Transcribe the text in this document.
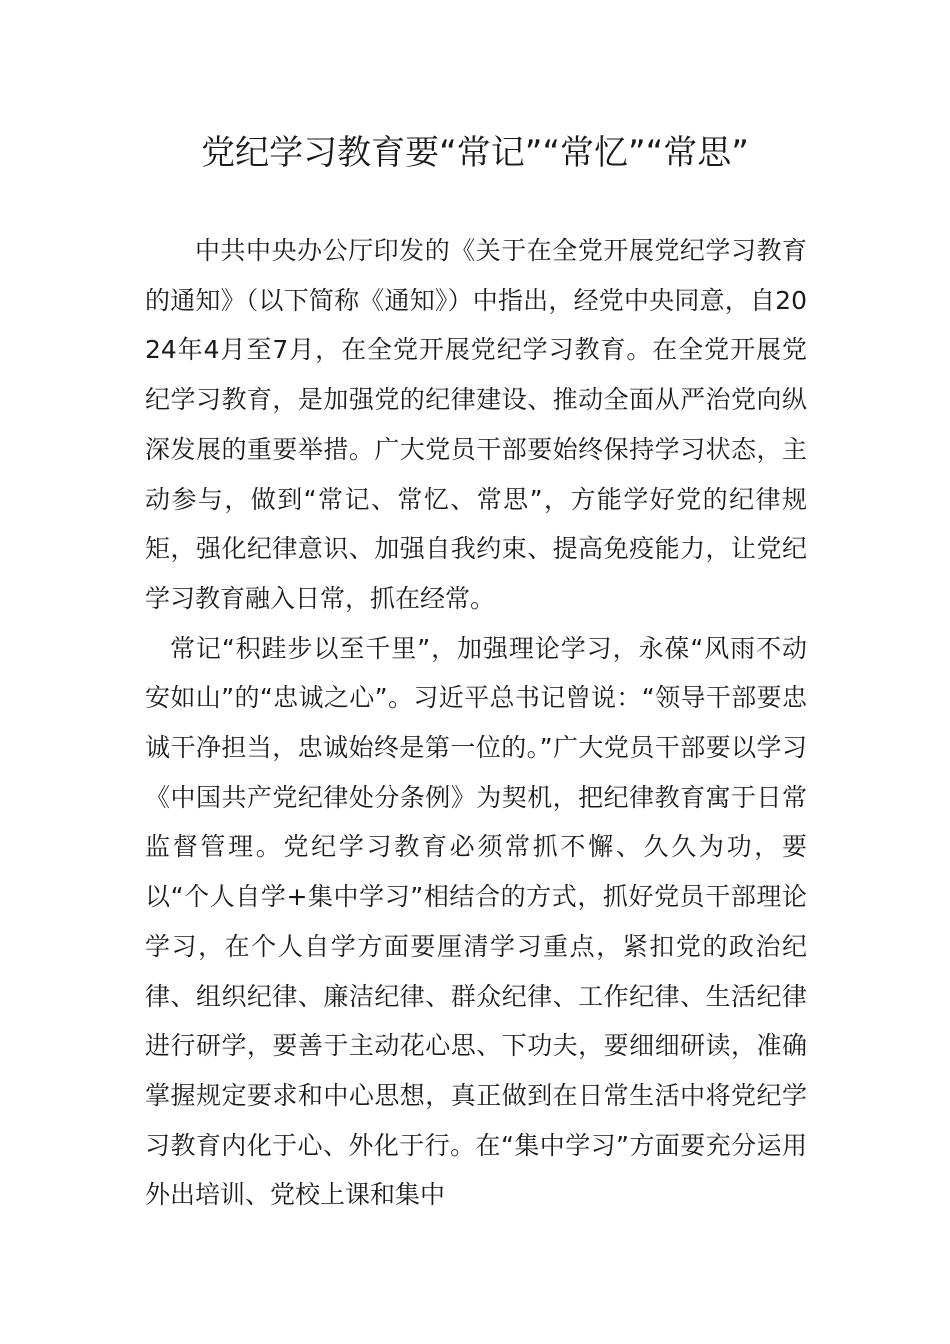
党纪学习教育要“常记”“常忆”“常思”

中共中央办公厅印发的《关于在全党开展党纪学习教育的通知》（以下简称《通知》）中指出，经党中央同意，自2024年4月至7月，在全党开展党纪学习教育。在全党开展党纪学习教育，是加强党的纪律建设、推动全面从严治党向纵深发展的重要举措。广大党员干部要始终保持学习状态，主动参与，做到“常记、常忆、常思”，方能学好党的纪律规矩，强化纪律意识、加强自我约束、提高免疫能力，让党纪学习教育融入日常，抓在经常。

常记“积跬步以至千里”，加强理论学习，永葆“风雨不动安如山”的“忠诚之心”。习近平总书记曾说：“领导干部要忠诚干净担当，忠诚始终是第一位的。”广大党员干部要以学习《中国共产党纪律处分条例》为契机，把纪律教育寓于日常监督管理。党纪学习教育必须常抓不懈、久久为功，要以“个人自学+集中学习”相结合的方式，抓好党员干部理论学习，在个人自学方面要厘清学习重点，紧扣党的政治纪律、组织纪律、廉洁纪律、群众纪律、工作纪律、生活纪律进行研学，要善于主动花心思、下功夫，要细细研读，准确掌握规定要求和中心思想，真正做到在日常生活中将党纪学习教育内化于心、外化于行。在“集中学习”方面要充分运用外出培训、党校上课和集中
